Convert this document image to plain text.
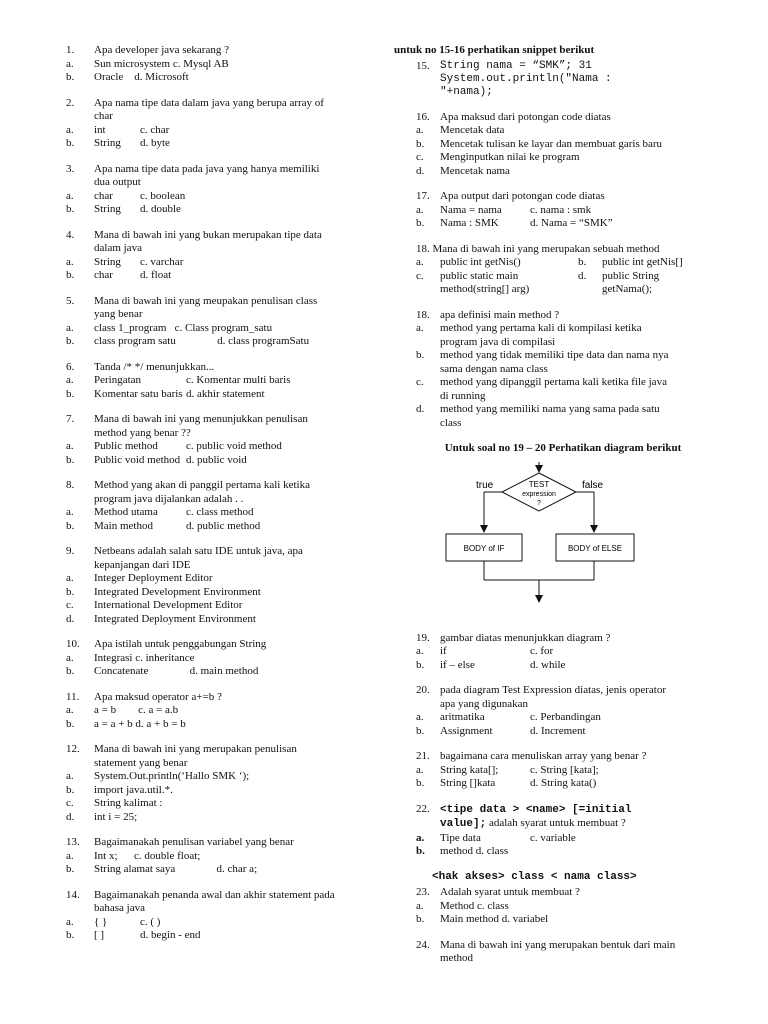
1.	Apa developer java sekarang ?
a.	Sun microsystem c. Mysql AB
b.	Oracle    d. Microsoft
2.	Apa nama tipe data dalam java yang berupa array of
char
a.	int	c. char
b.	String d. byte
3.	Apa nama tipe data pada java yang hanya memiliki
dua output
a.	char c. boolean
b.	String d. double
4.	Mana di bawah ini yang bukan merupakan tipe data
dalam java
a.	String c. varchar
b.	char d. float
5.	Mana di bawah ini yang meupakan penulisan class
yang benar
a.	class 1_program   c. Class program_satu
b.	class program satu               d. class programSatu
6.	Tanda /* */ menunjukkan...
a.	Peringatan	c. Komentar multi baris
b.	Komentar satu baris d. akhir statement
7.	Mana di bawah ini yang menunjukkan penulisan
method yang benar ??
a.	Public method	c. public void method
b.	Public void method d. public void
8.	Method yang akan di panggil pertama kali ketika
program java dijalankan adalah . .
a.	Method utama	c. class method
b.	Main method	d. public method
9.	Netbeans adalah salah satu IDE untuk java, apa
kepanjangan dari IDE
a.	Integer Deployment Editor
b.	Integrated Development Environment
c.	International Development Editor
d.	Integrated Deployment Environment
10.	Apa istilah untuk penggabungan String
a.	Integrasi c. inheritance
b.	Concatenate               d. main method
11.	Apa maksud operator a+=b ?
a.	a = b        c. a = a.b
b.	a = a + b d. a + b = b
12.	Mana di bawah ini yang merupakan penulisan
statement yang benar
a.	System.Out.println(‘Hallo SMK ‘);
b.	import java.util.*.
c.	String kalimat :
d.	int i = 25;
13.	Bagaimanakah penulisan variabel yang benar
a.	Int x;      c. double float;
b.	String alamat saya               d. char a;
14.	Bagaimanakah penanda awal dan akhir statement pada
bahasa java
a.	{ }	c. ( )
b.	[ ]	d. begin - end
untuk no 15-16 perhatikan snippet berikut
15. String nama = “SMK”; 31
System.out.println("Nama :
"+nama);
16. Apa maksud dari potongan code diatas
a.	Mencetak data
b.	Mencetak tulisan ke layar dan membuat garis baru
c.	Menginputkan nilai ke program
d.	Mencetak nama
17. Apa output dari potongan code diatas
a.	Nama = nama	c. nama : smk
b.	Nama : SMK	d. Nama = “SMK”
18. Mana di bawah ini yang merupakan sebuah method
a. public int getNis()	b. public int getNis[]
c. public static main	d. public String
method(string[] arg)	getNama();
18. apa definisi main method ?
a.	method yang pertama kali di kompilasi ketika
program java di compilasi
b.	method yang tidak memiliki tipe data dan nama nya
sama dengan nama class
c.	method yang dipanggil pertama kali ketika file java
di running
d.	method yang memiliki nama yang sama pada satu
class
Untuk soal no 19 – 20 Perhatikan diagram berikut
TEST
expression
?
true	false
BODY of IF	BODY of ELSE
19. gambar diatas menunjukkan diagram ?
a.	if	c. for
b.	if – else	d. while
20. pada diagram Test Expression diatas, jenis operator
apa yang digunakan
a.	aritmatika	c. Perbandingan
b.	Assignment	d. Increment
21. bagaimana cara menuliskan array yang benar ?
a.	String kata[];	c. String [kata];
b.	String []kata	d. String kata()
22. <tipe data > <name> [=initial
value]; adalah syarat untuk membuat ?
a.	Tipe data	c. variable
b.	method d. class
<hak akses> class < nama class>
23. Adalah syarat untuk membuat ?
a.	Method c. class
b.	Main method d. variabel
24. Mana di bawah ini yang merupakan bentuk dari main
method
